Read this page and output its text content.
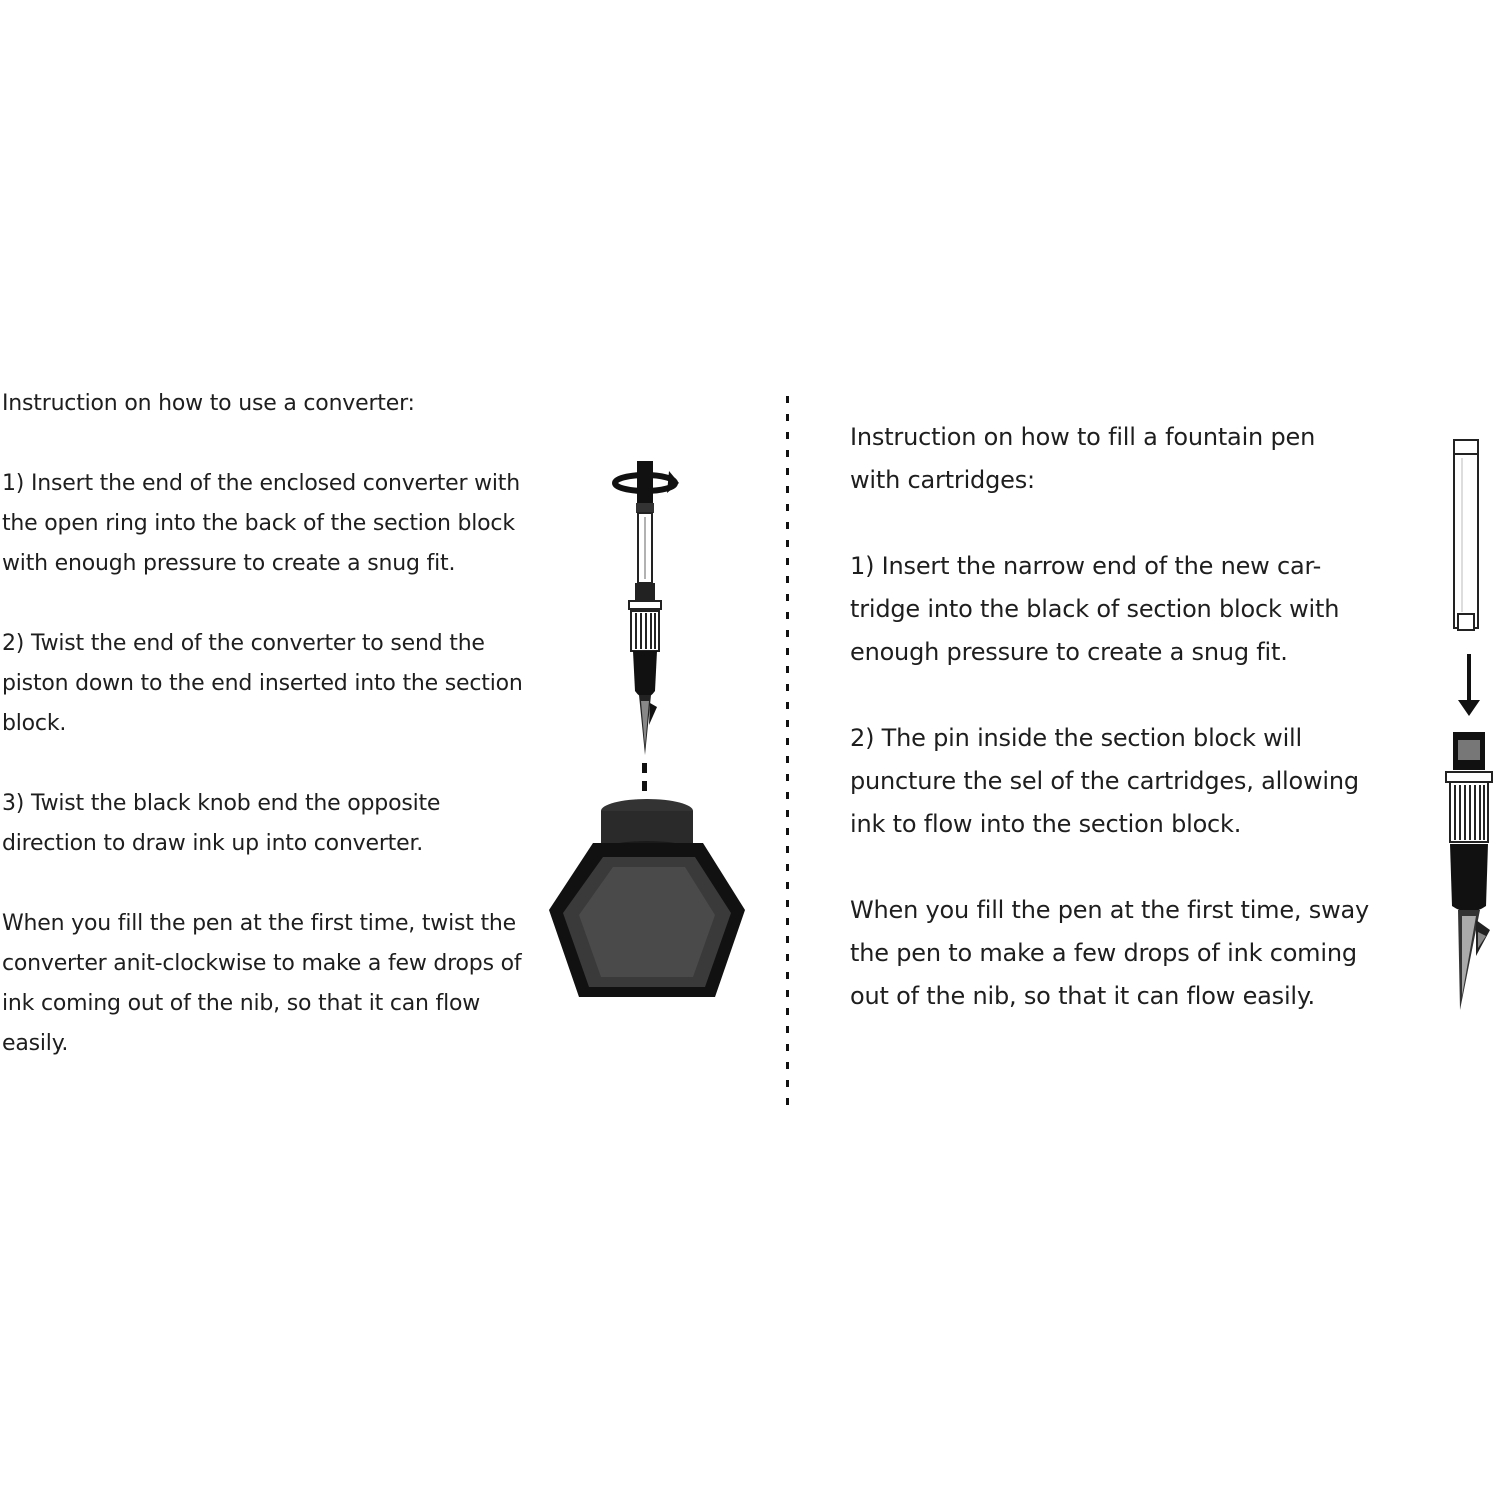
Instruction on how to use a converter:

1) Insert the end of the enclosed converter with
the open ring into the back of the section block
with enough pressure to create a snug fit.

2) Twist the end of the converter to send the
piston down to the end inserted into the section
block.

3) Twist the black knob end the opposite
direction to draw ink up into converter.

When you fill the pen at the first time, twist the
converter anit-clockwise to make a few drops of
ink coming out of the nib, so that it can flow
easily.

Instruction on how to fill a fountain pen
with cartridges:

1) Insert the narrow end of the new car-
tridge into the black of section block with
enough pressure to create a snug fit.

2) The pin inside the section block will
puncture the sel of the cartridges, allowing
ink to flow into the section block.

When you fill the pen at the first time, sway
the pen to make a few drops of ink coming
out of the nib, so that it can flow easily.
